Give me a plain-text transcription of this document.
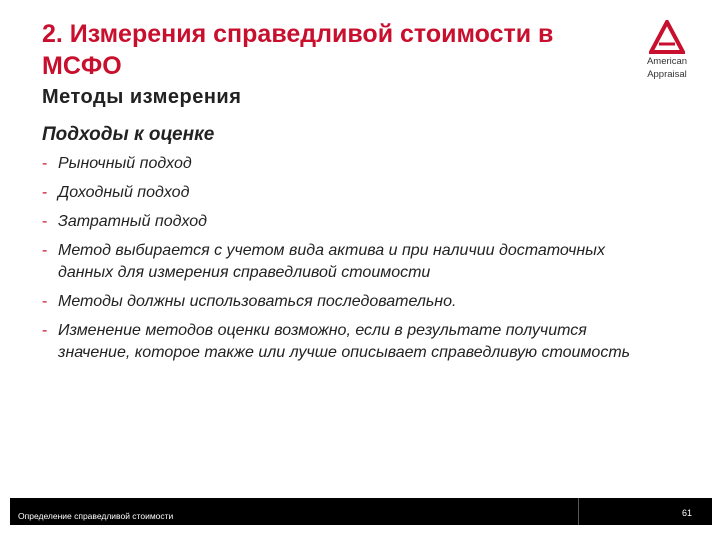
2. Измерения справедливой стоимости в МСФО
Методы измерения
Подходы к оценке
- Рыночный подход
- Доходный подход
- Затратный подход
- Метод выбирается с учетом вида актива и при наличии достаточных данных для измерения справедливой стоимости
- Методы должны использоваться последовательно.
- Изменение методов оценки возможно, если в результате получится значение, которое также или лучше описывает справедливую стоимость
American
Appraisal
Определение справедливой стоимости	61
